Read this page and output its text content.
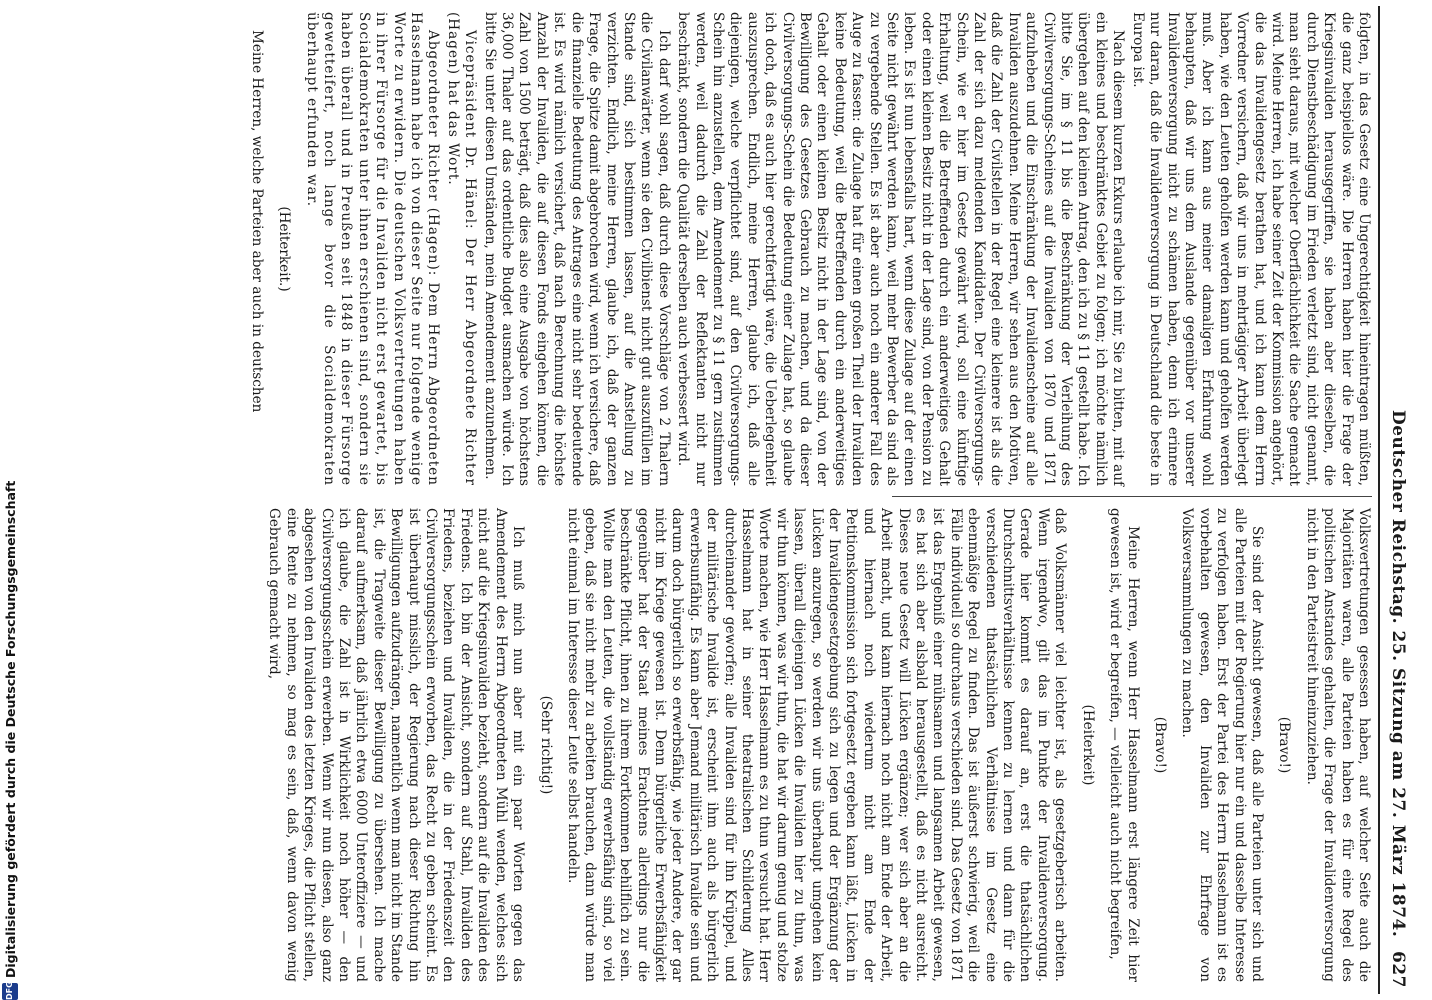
Deutscher Reichstag. 25. Sitzung am 27. März 1874.
627

folgten, in das Gesetz eine Ungerechtigkeit hineintragen müßten, die ganz beispiellos wäre. Die Herren haben hier die Frage der Kriegsinvaliden herausgegriffen, sie haben aber dieselben, die durch Dienstbeschädigung im Frieden verletzt sind, nicht genannt, man sieht daraus, mit welcher Oberflächlichkeit die Sache gemacht wird. Meine Herren, ich habe seiner Zeit der Kommission angehört, die das Invalidengesetz berathen hat, und ich kann dem Herrn Vorredner versichern, daß wir uns in mehrtägiger Arbeit überlegt haben, wie den Leuten geholfen werden kann und geholfen werden muß. Aber ich kann aus meiner damaligen Erfahrung wohl behaupten, daß wir uns dem Auslande gegenüber vor unserer Invalidenversorgung nicht zu schämen haben, denn ich erinnere nur daran, daß die Invalidenversorgung in Deutschland die beste in Europa ist.

Nach diesem kurzen Exkurs erlaube ich mir, Sie zu bitten, mit auf ein kleines und beschränktes Gebiet zu folgen; ich möchte nämlich übergehen auf den kleinen Antrag, den ich zu § 11 gestellt habe. Ich bitte Sie, im § 11 bis die Beschränkung der Verleihung des Civilversorgungs-Scheines auf die Invaliden von 1870 und 1871 aufzuheben und die Einschränkung der Invalidenscheine auf alle Invaliden auszudehnen. Meine Herren, wir sehen aus den Motiven, daß die Zahl der Civilstellen in der Regel eine kleinere ist als die Zahl der sich dazu meldenden Kandidaten. Der Civilversorgungs-Schein, wie er hier im Gesetz gewährt wird, soll eine künftige Erhaltung, weil die Betreffenden durch ein anderweitiges Gehalt oder einen kleinen Besitz nicht in der Lage sind, von der Pension zu leben. Es ist nun lebensfalls hart, wenn diese Zulage auf der einen Seite nicht gewährt werden kann, weil mehr Bewerber da sind als zu vergebende Stellen. Es ist aber auch noch ein anderer Fall des Auge zu fassen: die Zulage hat für einen großen Theil der Invaliden keine Bedeutung, weil die Betreffenden durch ein anderweitiges Gehalt oder einen kleinen Besitz nicht in der Lage sind, von der Bewilligung des Gesetzes Gebrauch zu machen, und da dieser Civilversorgungs-Schein die Bedeutung einer Zulage hat, so glaube ich doch, daß es auch hier gerechtfertigt wäre, die Ueberlegenheit auszusprechen. Endlich, meine Herren, glaube ich, daß alle diejenigen, welche verpflichtet sind, auf den Civilversorgungs-Schein hin anzustellen, dem Amendement zu § 11 gern zustimmen werden, weil dadurch die Zahl der Reflektanten nicht nur beschränkt, sondern die Qualität derselben auch verbessert wird.

Ich darf wohl sagen, daß durch diese Vorschläge von 2 Thalern die Civilanwärter, wenn sie den Civilbienst nicht gut auszufüllen im Stande sind, sich bestimmen lassen, auf die Anstellung zu verzichten. Endlich, meine Herren, glaube ich, daß der ganzen Frage, die Spitze damit abgebrochen wird, wenn ich versichere, daß die finanzielle Bedeutung des Antrages eine nicht sehr bedeutende ist. Es wird nämlich versichert, daß nach Berechnung die höchste Anzahl der Invaliden, die auf diesen Fonds eingehen können, die Zahl von 1500 beträgt, daß dies also eine Ausgabe von höchstens 36,000 Thaler auf das ordentliche Budget ausmachen würde. Ich bitte Sie unter diesen Umständen, mein Amendement anzunehmen.

Vicepräsident Dr. Hänel: Der Herr Abgeordnete Richter (Hagen) hat das Wort.

Abgeordneter Richter (Hagen): Dem Herrn Abgeordneten Hasselmann habe ich von dieser Seite nur folgende wenige Worte zu erwidern. Die deutschen Volksvertretungen haben in ihrer Fürsorge für die Invaliden nicht erst gewartet, bis Socialdemokraten unter ihnen erschienen sind, sondern sie haben überall und in Preußen seit 1848 in dieser Fürsorge gewetteifert, noch lange bevor die Socialdemokraten überhaupt erfunden war.

(Heiterkeit.)

Meine Herren, welche Parteien aber auch in deutschen

Volksvertretungen gesessen haben, auf welcher Seite auch die Majoritäten waren, alle Parteien haben es für eine Regel des politischen Anstandes gehalten, die Frage der Invalidenversorgung nicht in den Parteistreit hineinzuziehen.

(Bravo!)

Sie sind der Ansicht gewesen, daß alle Parteien unter sich und alle Parteien mit der Regierung hier nur ein und dasselbe Interesse zu verfolgen haben. Erst der Partei des Herrn Hasselmann ist es vorbehalten gewesen, den Invaliden zur Ehrfrage von Volksversammlungen zu machen.

(Bravo!)

Meine Herren, wenn Herr Hasselmann erst längere Zeit hier gewesen ist, wird er begreifen, — vielleicht auch nicht begreifen,

(Heiterkeit)

daß Volksmänner viel leichter ist, als gesetzgeberisch arbeiten. Wenn irgendwo, gilt das im Punkte der Invalidenversorgung. Gerade hier kommt es darauf an, erst die thatsächlichen Durchschnittsverhältnisse kennen zu lernen und dann für die verschiedenen thatsächlichen Verhältnisse im Gesetz eine ebenmäßige Regel zu finden. Das ist äußerst schwierig, weil die Fälle individuell so durchaus verschieden sind. Das Gesetz von 1871 ist das Ergebniß einer mühsamen und langsamen Arbeit gewesen, es hat sich aber alsbald herausgestellt, daß es nicht ausreicht. Dieses neue Gesetz will Lücken ergänzen; wer sich aber an die Arbeit macht, und kann hiernach noch nicht am Ende der Arbeit, und hiernach noch wiederum nicht am Ende der Petitionskommission sich fortgesetzt ergeben kann läßt, Lücken in der Invalidengesetzgebung sich zu legen und der Ergänzung der Lücken anzuregen, so werden wir uns überhaupt umgehen kein lassen, überall diejenigen Lücken die Invaliden hier zu thun, was wir thun können, was wir thun, die hat wir darum genug und stolze Worte machen, wie Herr Hasselmann es zu thun versucht hat. Herr Hasselmann hat in seiner theatralischen Schilderung Alles durcheinander geworfen; alle Invaliden sind für ihn Krüppel, und der militärische Invalide ist, erscheint ihm auch als bürgerlich erwerbsunfähig. Es kann aber Jemand militärisch Invalide sein und darum doch bürgerlich so erwerbsfähig, wie jeder Andere, der gar nicht im Kriege gewesen ist. Denn bürgerliche Erwerbsfähigkeit gegenüber hat der Staat meines Erachtens allerdings nur die beschränkte Pflicht, ihnen zu ihrem Fortkommen behilflich zu sein. Wollte man den Leuten, die vollständig erwerbsfähig sind, so viel geben, daß sie nicht mehr zu arbeiten brauchen, dann würde man nicht einmal im Interesse dieser Leute selbst handeln.

(Sehr richtig!)

Ich muß mich nun aber mit ein paar Worten gegen das Amendement des Herrn Abgeordneten Mühl wenden, welches sich nicht auf die Kriegsinvaliden bezieht, sondern auf die Invaliden des Friedens. Ich bin der Ansicht, sondern auf Stahl, Invaliden des Friedens, beziehen und Invaliden, die in der Friedenszeit den Civilversorgungsschein erworben, das Recht zu geben scheint. Es ist überhaupt misslich, der Regierung nach dieser Richtung hin Bewilligungen aufzudrängen, namentlich wenn man nicht im Stande ist, die Tragweite dieser Bewilligung zu übersehen. Ich mache darauf aufmerksam, daß jährlich etwa 6000 Unteroffiziere — und ich glaube, die Zahl ist in Wirklichkeit noch höher — den Civilversorgungsschein erwerben. Wenn wir nun diesen, also ganz abgesehen von den Invaliden des letzten Krieges, die Pflicht stellen, eine Rente zu nehmen, so mag es sein, daß, wenn davon wenig Gebrauch gemacht wird,

DFG
Digitalisierung gefördert durch die Deutsche Forschungsgemeinschaft
